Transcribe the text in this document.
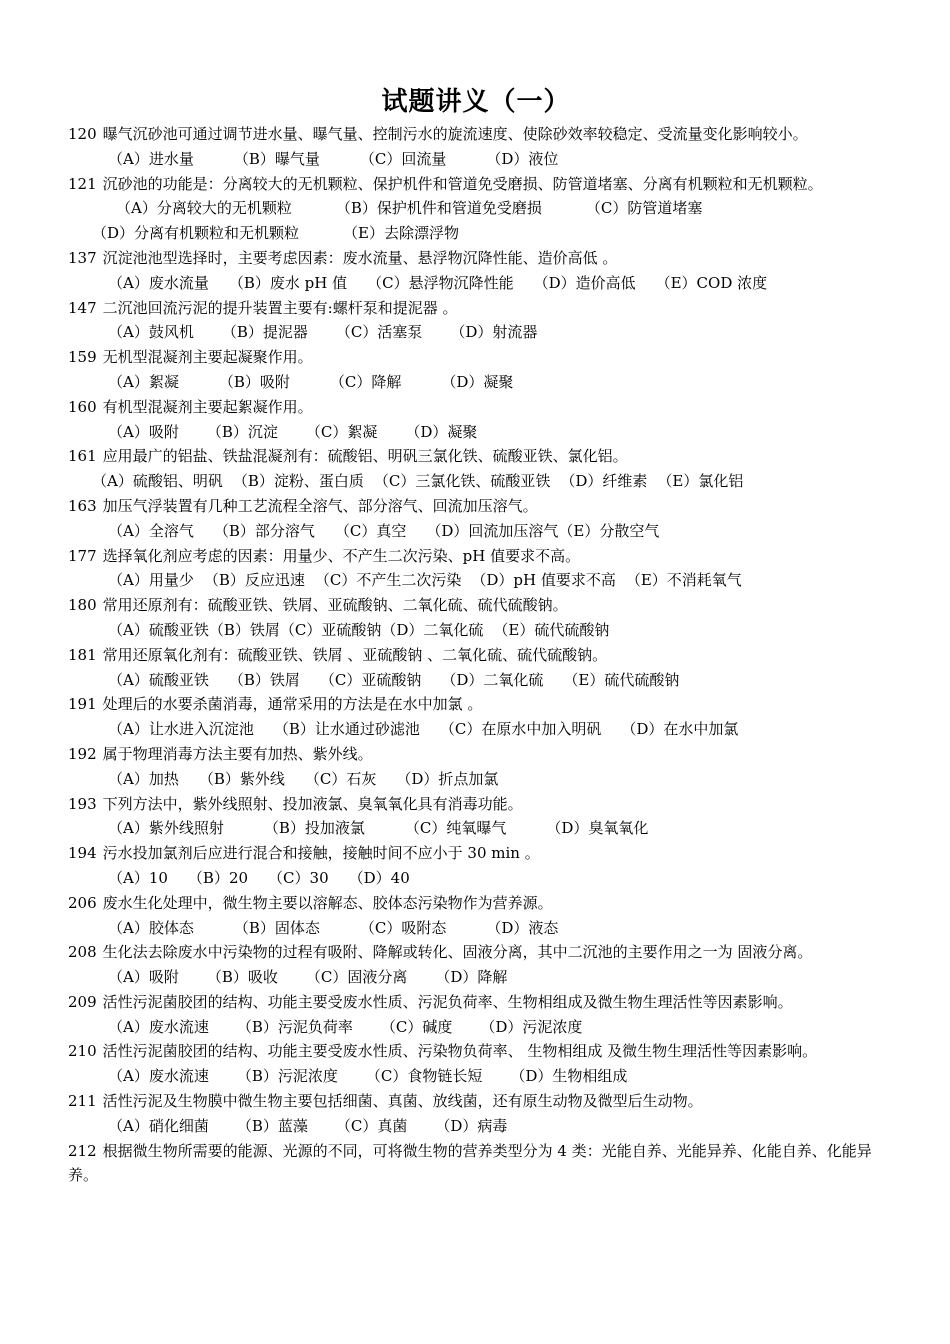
试题讲义（一）

120 曝气沉砂池可通过调节进水量、曝气量、控制污水的旋流速度、使除砂效率较稳定、受流量变化影响较小。

（A）进水量	（B）曝气量	（C）回流量	（D）液位

121 沉砂池的功能是：分离较大的无机颗粒、保护机件和管道免受磨损、防管道堵塞、分离有机颗粒和无机颗粒。

（A）分离较大的无机颗粒	（B）保护机件和管道免受磨损	（C）防管道堵塞（D）分离有机颗粒和无机颗粒	（E）去除漂浮物

137 沉淀池池型选择时，主要考虑因素：废水流量、悬浮物沉降性能、造价高低 。

（A）废水流量 （B）废水 pH 值 （C）悬浮物沉降性能 （D）造价高低 （E）COD 浓度

147 二沉池回流污泥的提升装置主要有:螺杆泵和提泥器 。

（A）鼓风机 （B）提泥器 （C）活塞泵 （D）射流器

159 无机型混凝剂主要起凝聚作用。

（A）絮凝	（B）吸附	（C）降解	（D）凝聚

160 有机型混凝剂主要起絮凝作用。

（A）吸附 （B）沉淀 （C）絮凝 （D）凝聚

161 应用最广的铝盐、铁盐混凝剂有：硫酸铝、明矾三氯化铁、硫酸亚铁、氯化铝。

（A）硫酸铝、明矾 （B）淀粉、蛋白质 （C）三氯化铁、硫酸亚铁 （D）纤维素 （E）氯化铝

163 加压气浮装置有几种工艺流程全溶气、部分溶气、回流加压溶气。

（A）全溶气 （B）部分溶气 （C）真空 （D）回流加压溶气（E）分散空气

177 选择氧化剂应考虑的因素：用量少、不产生二次污染、pH 值要求不高。

（A）用量少 （B）反应迅速 （C）不产生二次污染 （D）pH 值要求不高 （E）不消耗氧气

180 常用还原剂有：硫酸亚铁、铁屑、亚硫酸钠、二氧化硫、硫代硫酸钠。

（A）硫酸亚铁（B）铁屑（C）亚硫酸钠（D）二氧化硫 （E）硫代硫酸钠

181 常用还原氧化剂有：硫酸亚铁、铁屑 、亚硫酸钠 、二氧化硫、硫代硫酸钠。

（A）硫酸亚铁 （B）铁屑 （C）亚硫酸钠 （D）二氧化硫 （E）硫代硫酸钠

191 处理后的水要杀菌消毒，通常采用的方法是在水中加氯 。

（A）让水进入沉淀池 （B）让水通过砂滤池 （C）在原水中加入明矾 （D）在水中加氯

192 属于物理消毒方法主要有加热、紫外线。

（A）加热 （B）紫外线 （C）石灰 （D）折点加氯

193 下列方法中，紫外线照射、投加液氯、臭氧氧化具有消毒功能。

（A）紫外线照射	（B）投加液氯	（C）纯氧曝气	（D）臭氧氧化

194 污水投加氯剂后应进行混合和接触，接触时间不应小于 30 min 。

（A）10 （B）20 （C）30 （D）40

206 废水生化处理中，微生物主要以溶解态、胶体态污染物作为营养源。

（A）胶体态	（B）固体态	（C）吸附态	（D）液态

208 生化法去除废水中污染物的过程有吸附、降解或转化、固液分离，其中二沉池的主要作用之一为 固液分离。

（A）吸附 （B）吸收 （C）固液分离 （D）降解

209 活性污泥菌胶团的结构、功能主要受废水性质、污泥负荷率、生物相组成及微生物生理活性等因素影响。

（A）废水流速 （B）污泥负荷率 （C）碱度 （D）污泥浓度

210 活性污泥菌胶团的结构、功能主要受废水性质、污染物负荷率、 生物相组成 及微生物生理活性等因素影响。

（A）废水流速 （B）污泥浓度 （C）食物链长短 （D）生物相组成

211 活性污泥及生物膜中微生物主要包括细菌、真菌、放线菌，还有原生动物及微型后生动物。

（A）硝化细菌 （B）蓝藻 （C）真菌 （D）病毒

212 根据微生物所需要的能源、光源的不同，可将微生物的营养类型分为 4 类：光能自养、光能异养、化能自养、化能异养。
